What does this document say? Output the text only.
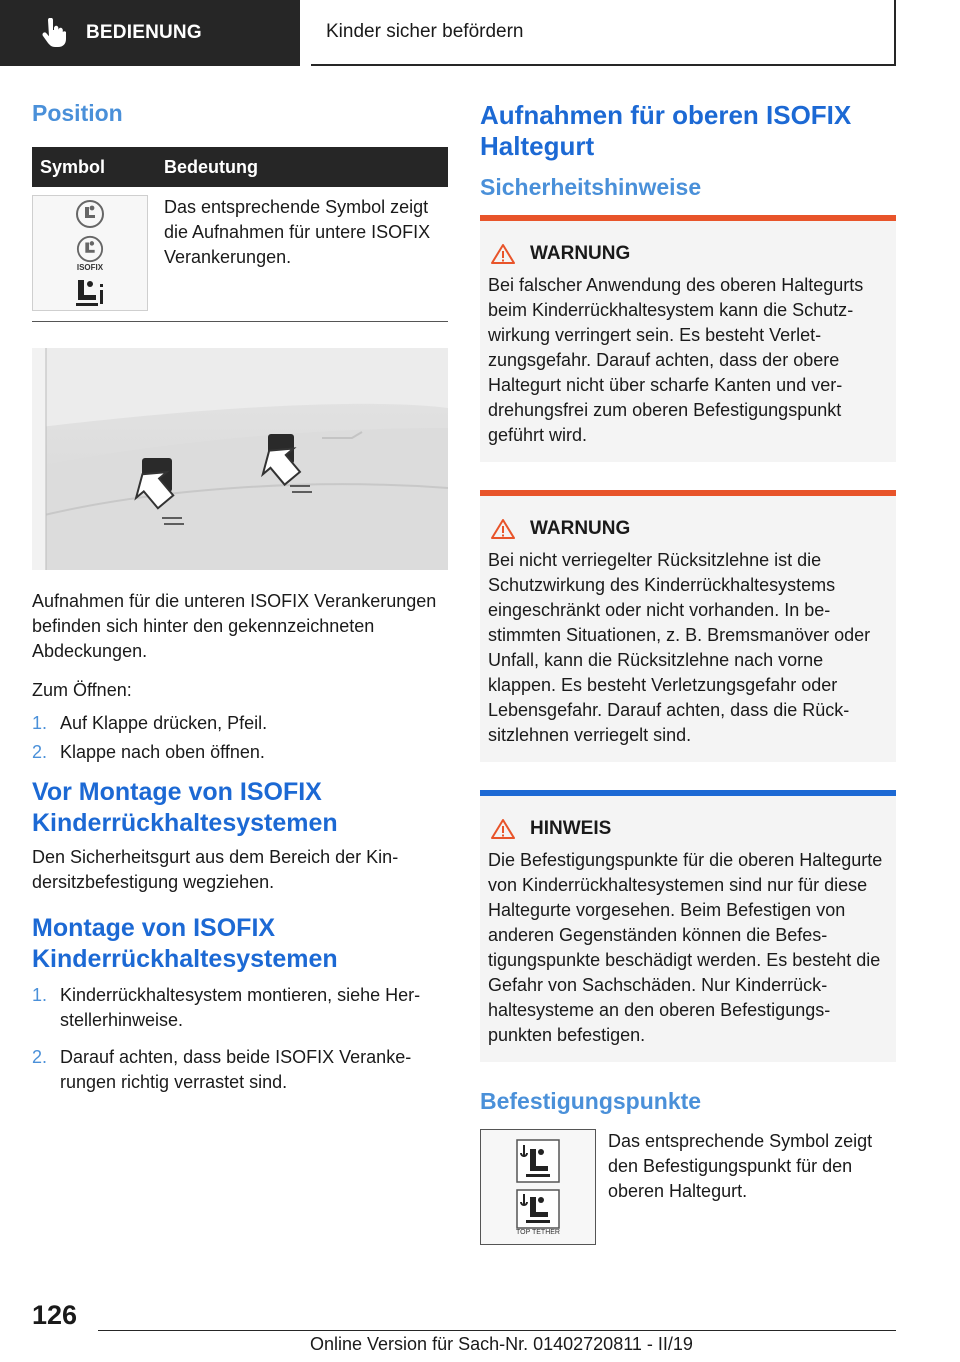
BEDIENUNG	Kinder sicher befördern
Position
Symbol	Bedeutung
ISOFIX
Das entsprechende Symbol zeigt die Aufnahmen für untere ISOFIX Verankerungen.

Aufnahmen für die unteren ISOFIX Verankerungen befinden sich hinter den gekennzeichneten Abdeckungen.

Zum Öffnen:

1. Auf Klappe drücken, Pfeil.
2. Klappe nach oben öffnen.
Vor Montage von ISOFIX Kinderrückhaltesystemen

Den Sicherheitsgurt aus dem Bereich der Kindersitzbefestigung wegziehen.

Montage von ISOFIX Kinderrückhaltesystemen
1. Kinderrückhaltesystem montieren, siehe Herstellerhinweise.
2. Darauf achten, dass beide ISOFIX Verankerungen richtig verrastet sind.
Aufnahmen für oberen ISOFIX Haltegurt
Sicherheitshinweise
WARNUNG
Bei falscher Anwendung des oberen Haltegurts beim Kinderrückhaltesystem kann die Schutzwirkung verringert sein. Es besteht Verletzungsgefahr. Darauf achten, dass der obere Haltegurt nicht über scharfe Kanten und verdrehungsfrei zum oberen Befestigungspunkt geführt wird.
WARNUNG
Bei nicht verriegelter Rücksitzlehne ist die Schutzwirkung des Kinderrückhaltesystems eingeschränkt oder nicht vorhanden. In bestimmten Situationen, z. B. Bremsmanöver oder Unfall, kann die Rücksitzlehne nach vorne klappen. Es besteht Verletzungsgefahr oder Lebensgefahr. Darauf achten, dass die Rücksitzlehnen verriegelt sind.
HINWEIS
Die Befestigungspunkte für die oberen Haltegurte von Kinderrückhaltesystemen sind nur für diese Haltegurte vorgesehen. Beim Befestigen von anderen Gegenständen können die Befestigungspunkte beschädigt werden. Es besteht die Gefahr von Sachschäden. Nur Kinderrückhaltesysteme an den oberen Befestigungspunkten befestigen.
Befestigungspunkte
TOP TETHER

Das entsprechende Symbol zeigt den Befestigungspunkt für den oberen Haltegurt.

126
Online Version für Sach-Nr. 01402720811 - II/19
